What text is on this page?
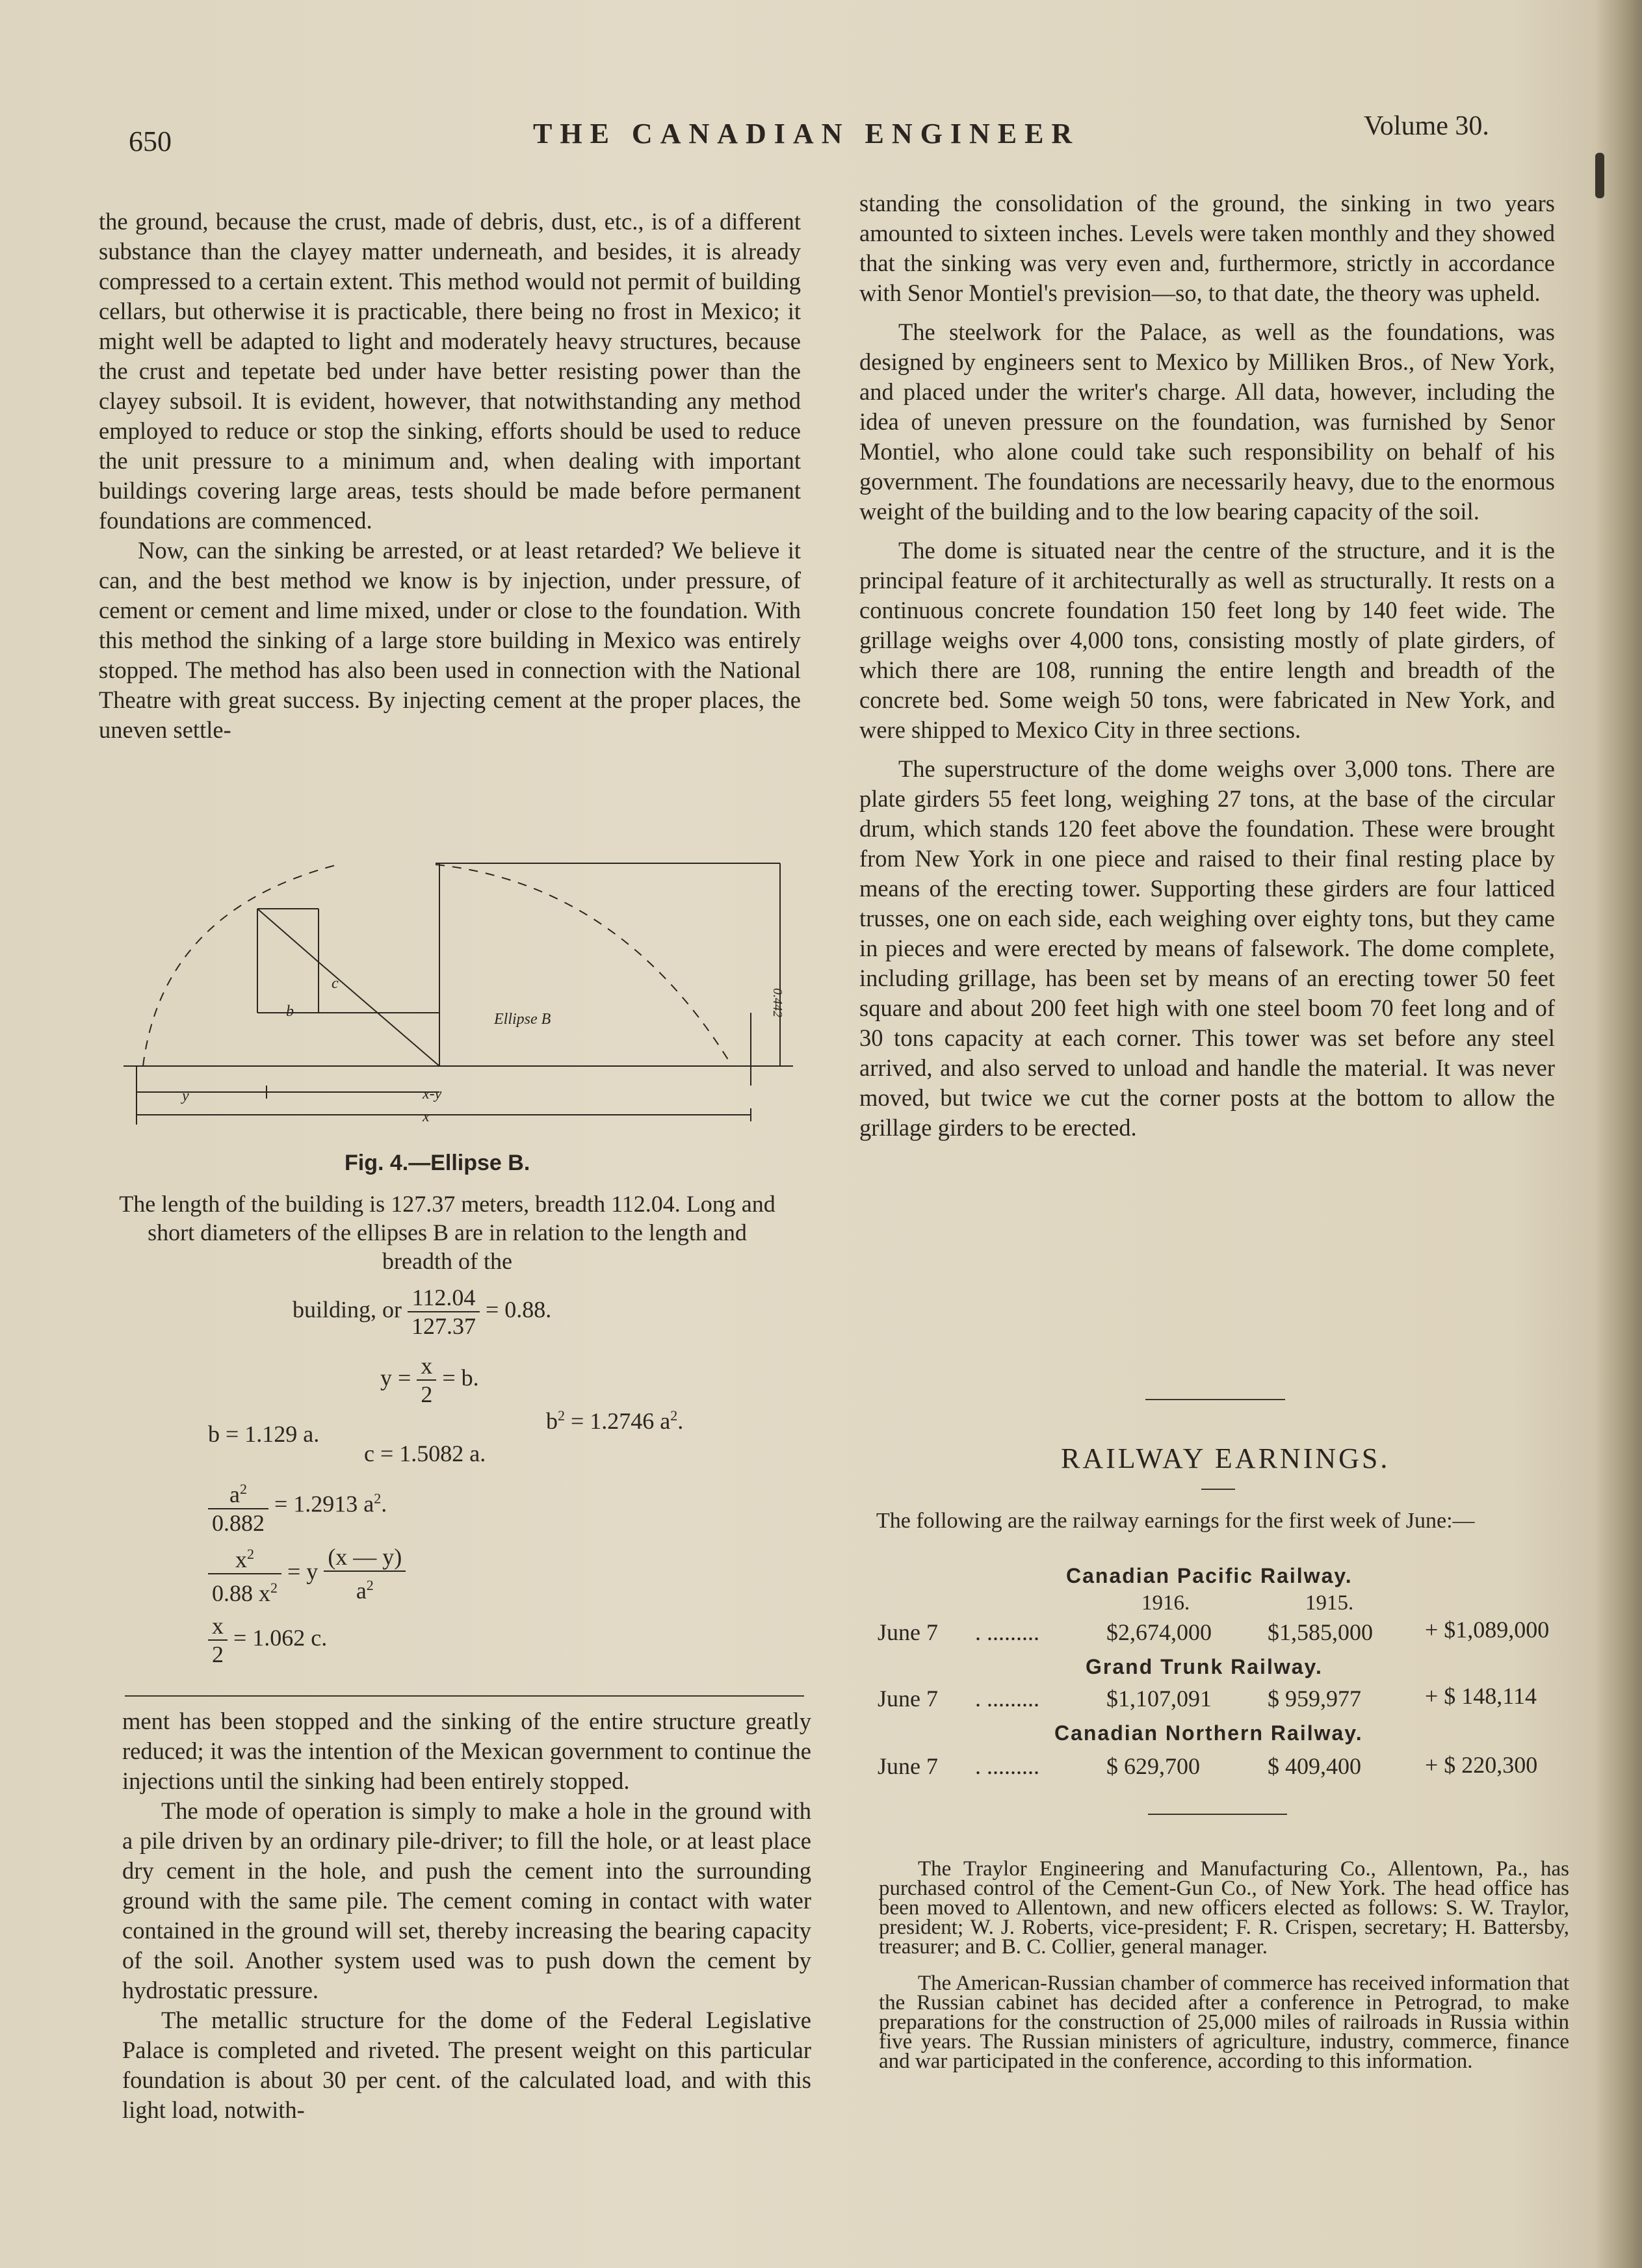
650	THE CANADIAN ENGINEER	Volume 30.

the ground, because the crust, made of debris, dust, etc., is of a different substance than the clayey matter underneath, and besides, it is already compressed to a certain extent. This method would not permit of building cellars, but otherwise it is practicable, there being no frost in Mexico; it might well be adapted to light and moderately heavy structures, because the crust and tepetate bed under have better resisting power than the clayey subsoil. It is evident, however, that notwithstanding any method employed to reduce or stop the sinking, efforts should be used to reduce the unit pressure to a minimum and, when dealing with important buildings covering large areas, tests should be made before permanent foundations are commenced.

Now, can the sinking be arrested, or at least retarded? We believe it can, and the best method we know is by injection, under pressure, of cement or cement and lime mixed, under or close to the foundation. With this method the sinking of a large store building in Mexico was entirely stopped. The method has also been used in connection with the National Theatre with great success. By injecting cement at the proper places, the uneven settle-

b
c
Ellipse B
0.442
y	x-y
x
Fig. 4.—Ellipse B.
The length of the building is 127.37 meters, breadth 112.04. Long and short diameters of the ellipses B are in relation to the length and breadth of the
building, or $\frac{112.04}{127.37} = 0.88$.
$y = \frac{x}{2} = b$.
b = 1.129 a.	$b^2 = 1.2746$ $a^2$.
c = 1.5082 a.
$\frac{a^2}{0.882} = 1.2913$ $a^2$.
$\frac{x^2}{0.88 x^2} = y \frac{(x — y)}{a^2}$
$\frac{x}{2} = 1.062$ c.

ment has been stopped and the sinking of the entire structure greatly reduced; it was the intention of the Mexican government to continue the injections until the sinking had been entirely stopped.

The mode of operation is simply to make a hole in the ground with a pile driven by an ordinary pile-driver; to fill the hole, or at least place dry cement in the hole, and push the cement into the surrounding ground with the same pile. The cement coming in contact with water contained in the ground will set, thereby increasing the bearing capacity of the soil. Another system used was to push down the cement by hydrostatic pressure.

The metallic structure for the dome of the Federal Legislative Palace is completed and riveted. The present weight on this particular foundation is about 30 per cent. of the calculated load, and with this light load, notwith-

standing the consolidation of the ground, the sinking in two years amounted to sixteen inches. Levels were taken monthly and they showed that the sinking was very even and, furthermore, strictly in accordance with Senor Montiel's prevision—so, to that date, the theory was upheld.

The steelwork for the Palace, as well as the foundations, was designed by engineers sent to Mexico by Milliken Bros., of New York, and placed under the writer's charge. All data, however, including the idea of uneven pressure on the foundation, was furnished by Senor Montiel, who alone could take such responsibility on behalf of his government. The foundations are necessarily heavy, due to the enormous weight of the building and to the low bearing capacity of the soil.

The dome is situated near the centre of the structure, and it is the principal feature of it architecturally as well as structurally. It rests on a continuous concrete foundation 150 feet long by 140 feet wide. The grillage weighs over 4,000 tons, consisting mostly of plate girders, of which there are 108, running the entire length and breadth of the concrete bed. Some weigh 50 tons, were fabricated in New York, and were shipped to Mexico City in three sections.

The superstructure of the dome weighs over 3,000 tons. There are plate girders 55 feet long, weighing 27 tons, at the base of the circular drum, which stands 120 feet above the foundation. These were brought from New York in one piece and raised to their final resting place by means of the erecting tower. Supporting these girders are four latticed trusses, one on each side, each weighing over eighty tons, but they came in pieces and were erected by means of falsework. The dome complete, including grillage, has been set by means of an erecting tower 50 feet square and about 200 feet high with one steel boom 70 feet long and of 30 tons capacity at each corner. This tower was set before any steel arrived, and also served to unload and handle the material. It was never moved, but twice we cut the corner posts at the bottom to allow the grillage girders to be erected.

RAILWAY EARNINGS.
The following are the railway earnings for the first week of June:—
Canadian Pacific Railway.
1916.	1915.
June 7 . .........	$2,674,000 $1,585,000 + $1,089,000
Grand Trunk Railway.
June 7 . .........	$1,107,091 $ 959,977	+ $ 148,114
Canadian Northern Railway.
June 7 . .........	$ 629,700	$ 409,400	+ $ 220,300

The Traylor Engineering and Manufacturing Co., Allentown, Pa., has purchased control of the Cement-Gun Co., of New York. The head office has been moved to Allentown, and new officers elected as follows: S. W. Traylor, president; W. J. Roberts, vice-president; F. R. Crispen, secretary; H. Battersby, treasurer; and B. C. Collier, general manager.

The American-Russian chamber of commerce has received information that the Russian cabinet has decided after a conference in Petrograd, to make preparations for the construction of 25,000 miles of railroads in Russia within five years. The Russian ministers of agriculture, industry, commerce, finance and war participated in the conference, according to this information.
